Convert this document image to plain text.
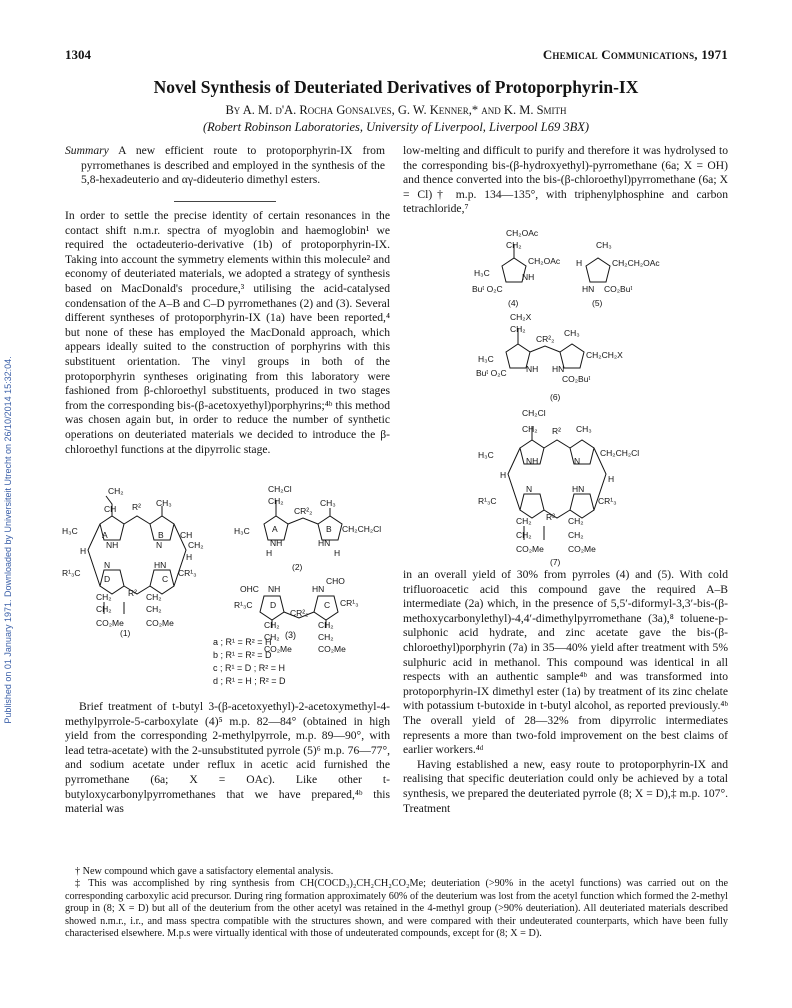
1304	Chemical Communications, 1971
Novel Synthesis of Deuteriated Derivatives of Protoporphyrin-IX
By A. M. d'A. Rocha Gonsalves, G. W. Kenner,* and K. M. Smith
(Robert Robinson Laboratories, University of Liverpool, Liverpool L69 3BX)
Published on 01 January 1971. Downloaded by Universiteit Utrecht on 26/10/2014 15:32:04.

Summary A new efficient route to protoporphyrin-IX from pyrromethanes is described and employed in the synthesis of the 5,8-hexadeuterio and αγ-dideuterio dimethyl esters.

In order to settle the precise identity of certain resonances in the contact shift n.m.r. spectra of myoglobin and haemoglobin¹ we required the octadeuterio-derivative (1b) of protoporphyrin-IX. Taking into account the symmetry elements within this molecule² and economy of deuteriated materials, we adopted a strategy of synthesis based on MacDonald's procedure,³ utilising the acid-catalysed condensation of the A–B and C–D pyrromethanes (2) and (3). Several different syntheses of protoporphyrin-IX (1a) have been reported,⁴ but none of these has employed the MacDonald approach, which appears ideally suited to the construction of porphyrins with this substituent orientation. The vinyl groups in both of the protoporphyrin syntheses originating from this laboratory were fashioned from β-chloroethyl substituents, produced in two stages from the corresponding bis-(β-acetoxyethyl)porphyrins;⁴ᵇ this method was chosen again but, in order to reduce the number of synthetic operations on deuteriated materials we decided to introduce the β-chloroethyl functions at the dipyrrolic stage.

low-melting and difficult to purify and therefore it was hydrolysed to the corresponding bis-(β-hydroxyethyl)-pyrromethane (6a; X = OH) and thence converted into the bis-(β-chloroethyl)pyrromethane (6a; X = Cl)† m.p. 134—135°, with triphenylphosphine and carbon tetrachloride,⁷

Brief treatment of t-butyl 3-(β-acetoxyethyl)-2-acetoxymethyl-4-methylpyrrole-5-carboxylate (4)⁵ m.p. 82—84° (obtained in high yield from the corresponding 2-methylpyrrole, m.p. 89—90°, with lead tetra-acetate) with the 2-unsubstituted pyrrole (5)⁶ m.p. 76—77°, and sodium acetate under reflux in acetic acid furnished the pyrromethane (6a; X = OAc). Like other t-butyloxycarbonylpyrromethanes that we have prepared,⁴ᵇ this material was

in an overall yield of 30% from pyrroles (4) and (5). With cold trifluoroacetic acid this compound gave the required A–B intermediate (2a) which, in the presence of 5,5′-diformyl-3,3′-bis-(β-methoxycarbonylethyl)-4,4′-dimethylpyrromethane (3a),⁸ toluene-p-sulphonic acid hydrate, and zinc acetate gave the bis-(β-chloroethyl)porphyrin (7a) in 35—40% yield after treatment with 5% sulphuric acid in methanol. This compound was identical in all respects with an authentic sample⁴ᵇ and was transformed into protoporphyrin-IX dimethyl ester (1a) by treatment of its zinc chelate with potassium t-butoxide in t-butyl alcohol, as reported previously.⁴ᵇ The overall yield of 28—32% from dipyrrolic intermediates represents a more than two-fold improvement on the best claims of earlier workers.⁴ᵈ

Having established a new, easy route to protoporphyrin-IX and realising that specific deuteriation could only be achieved by a total synthesis, we prepared the deuteriated pyrrole (8; X = D),‡ m.p. 107°. Treatment

† New compound which gave a satisfactory elemental analysis.

‡ This was accomplished by ring synthesis from CH(COCD₃)₂CH₂CH₂CO₂Me; deuteriation (>90% in the acetyl functions) was carried out on the corresponding carboxylic acid precursor. During ring formation approximately 60% of the deuterium was lost from the acetyl function which formed the 2-methyl group in (8; X = D) but all of the deuterium from the other acetyl was retained in the 4-methyl group (>90% deuteriation). All deuteriated materials described showed n.m.r., i.r., and mass spectra compatible with the structures shown, and were compared with their undeuterated counterparts, which have been fully characterised elsewhere. M.p.s were virtually identical with those of undeuterated compounds, except for (8; X = D).

CH₂
CH R² CH₃
H₃C	A
NH
B
N
CH
CH₂
H
H
R¹₃C
N
D
HN
C
CR¹₃
CH₂ R² CH₂
CH₂	CH₂
CO₂Me	CO₂Me
(1)
CH₂Cl
CH₂
CR²₂
CH₃
H₃C	A	B CH₂CH₂Cl
NH	HN
H	H
(2)
OHC NH
CHO
HN
R¹₃C D	C CR¹₃
CR²₂
CH₂	CH₂
CH₂	CH₂
CO₂Me	CO₂Me
(3)
a ; R¹ = R² = H
b ; R¹ = R² = D
c ; R¹ = D ; R² = H
d ; R¹ = H ; R² = D
CH₂OAc
CH₂
CH₂OAc
H₃C	NH
Buᵗ O₂C
(4)
CH₃
H	CH₂CH₂OAc
HN CO₂Buᵗ
(5)
CH₂X
CH₂
CR²₂
CH₃
H₃C	CH₂CH₂X
NH HN
Buᵗ O₂C
CO₂Buᵗ
(6)
CH₂Cl
CH₂ R² CH₃
H₃C
NH	N
CH₂CH₂Cl
H	H
R¹₃C
N	HN
CR¹₃
CH₂ R² CH₂
CH₂	CH₂
CO₂Me	CO₂Me
(7)
